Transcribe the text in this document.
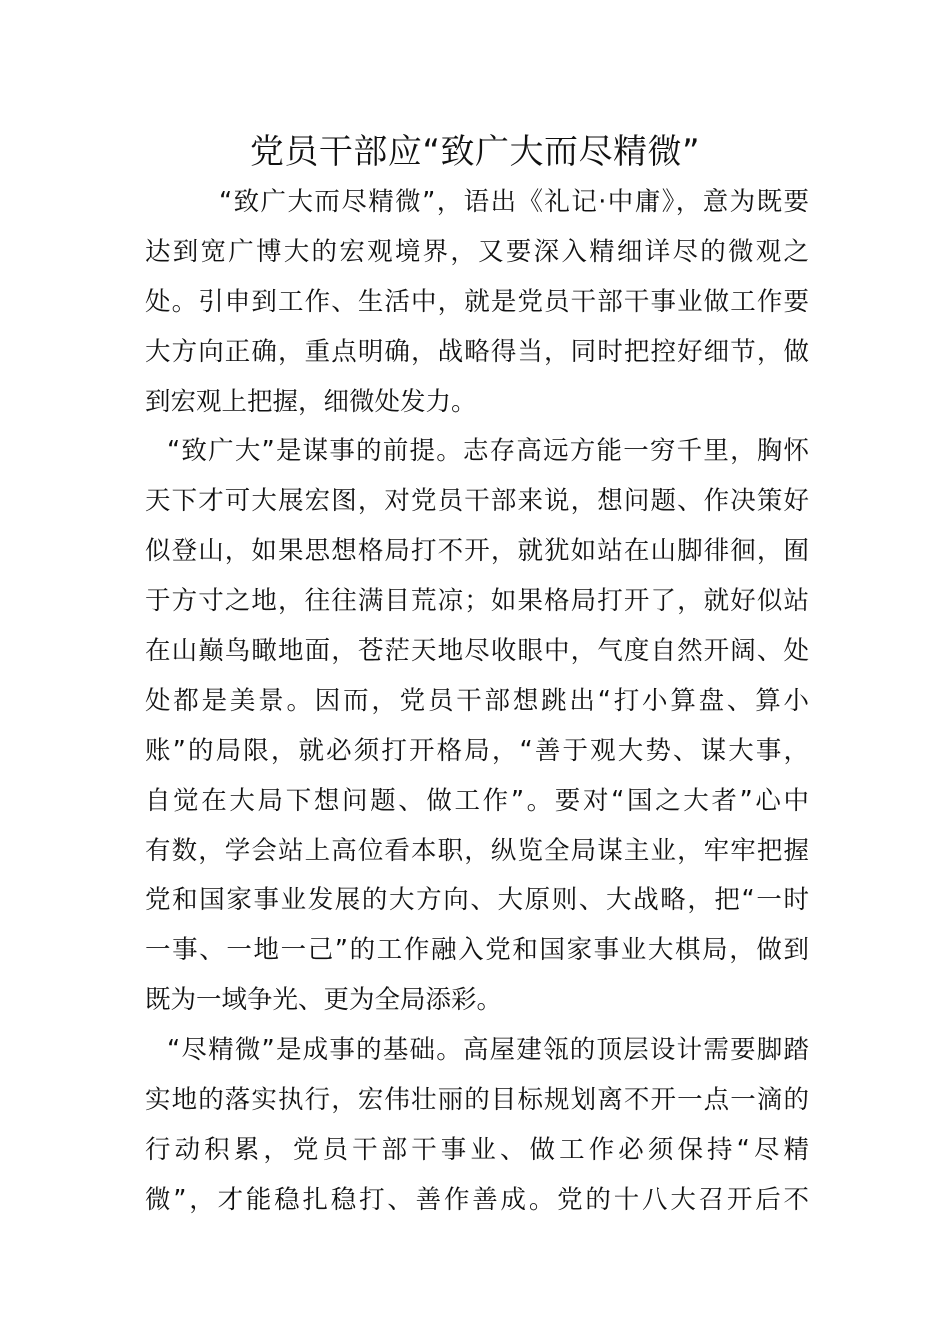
党员干部应“致广大而尽精微”
“致广大而尽精微”，语出《礼记·中庸》，意为既要
达到宽广博大的宏观境界，又要深入精细详尽的微观之
处。引申到工作、生活中，就是党员干部干事业做工作要
大方向正确，重点明确，战略得当，同时把控好细节，做
到宏观上把握，细微处发力。
“致广大”是谋事的前提。志存高远方能一穷千里，胸怀
天下才可大展宏图，对党员干部来说，想问题、作决策好
似登山，如果思想格局打不开，就犹如站在山脚徘徊，囿
于方寸之地，往往满目荒凉；如果格局打开了，就好似站
在山巅鸟瞰地面，苍茫天地尽收眼中，气度自然开阔、处
处都是美景。因而，党员干部想跳出“打小算盘、算小
账”的局限，就必须打开格局，“善于观大势、谋大事，
自觉在大局下想问题、做工作”。要对“国之大者”心中
有数，学会站上高位看本职，纵览全局谋主业，牢牢把握
党和国家事业发展的大方向、大原则、大战略，把“一时
一事、一地一己”的工作融入党和国家事业大棋局，做到
既为一域争光、更为全局添彩。
“尽精微”是成事的基础。高屋建瓴的顶层设计需要脚踏
实地的落实执行，宏伟壮丽的目标规划离不开一点一滴的
行动积累，党员干部干事业、做工作必须保持“尽精
微”，才能稳扎稳打、善作善成。党的十八大召开后不
